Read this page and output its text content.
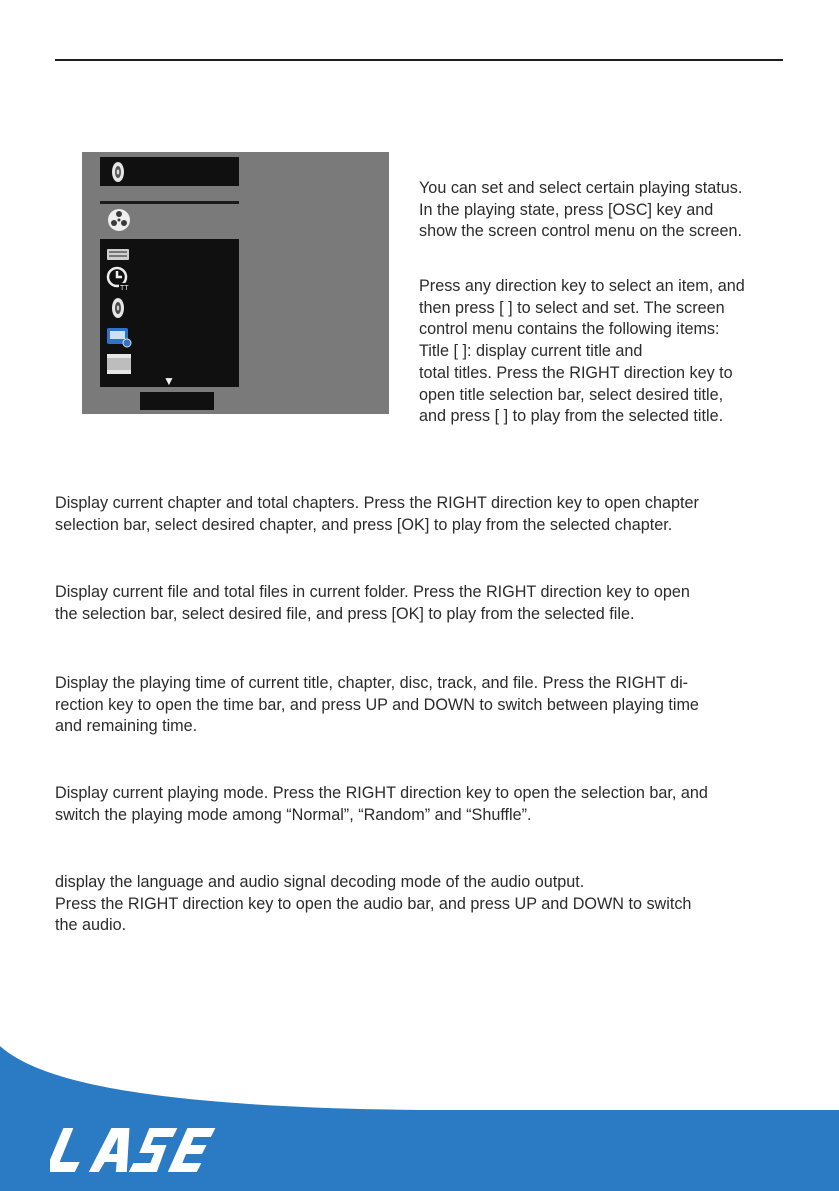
TT
▼
You can set and select certain playing status.
In the playing state, press [OSC] key and
show the screen control menu on the screen.
Press any direction key to select an item, and
then press [ ] to select and set. The screen
control menu contains the following items:
Title [ ]: display current title and
total titles. Press the RIGHT direction key to
open title selection bar, select desired title,
and press [ ] to play from the selected title.
Display current chapter and total chapters. Press the RIGHT direction key to open chapter
selection bar, select desired chapter, and press [OK] to play from the selected chapter.
Display current file and total files in current folder. Press the RIGHT direction key to open
the selection bar, select desired file, and press [OK] to play from the selected file.
Display the playing time of current title, chapter, disc, track, and file. Press the RIGHT di-
rection key to open the time bar, and press UP and DOWN to switch between playing time
and remaining time.
Display current playing mode. Press the RIGHT direction key to open the selection bar, and
switch the playing mode among “Normal”, “Random” and “Shuffle”.
display the language and audio signal decoding mode of the audio output.
Press the RIGHT direction key to open the audio bar, and press UP and DOWN to switch
the audio.
